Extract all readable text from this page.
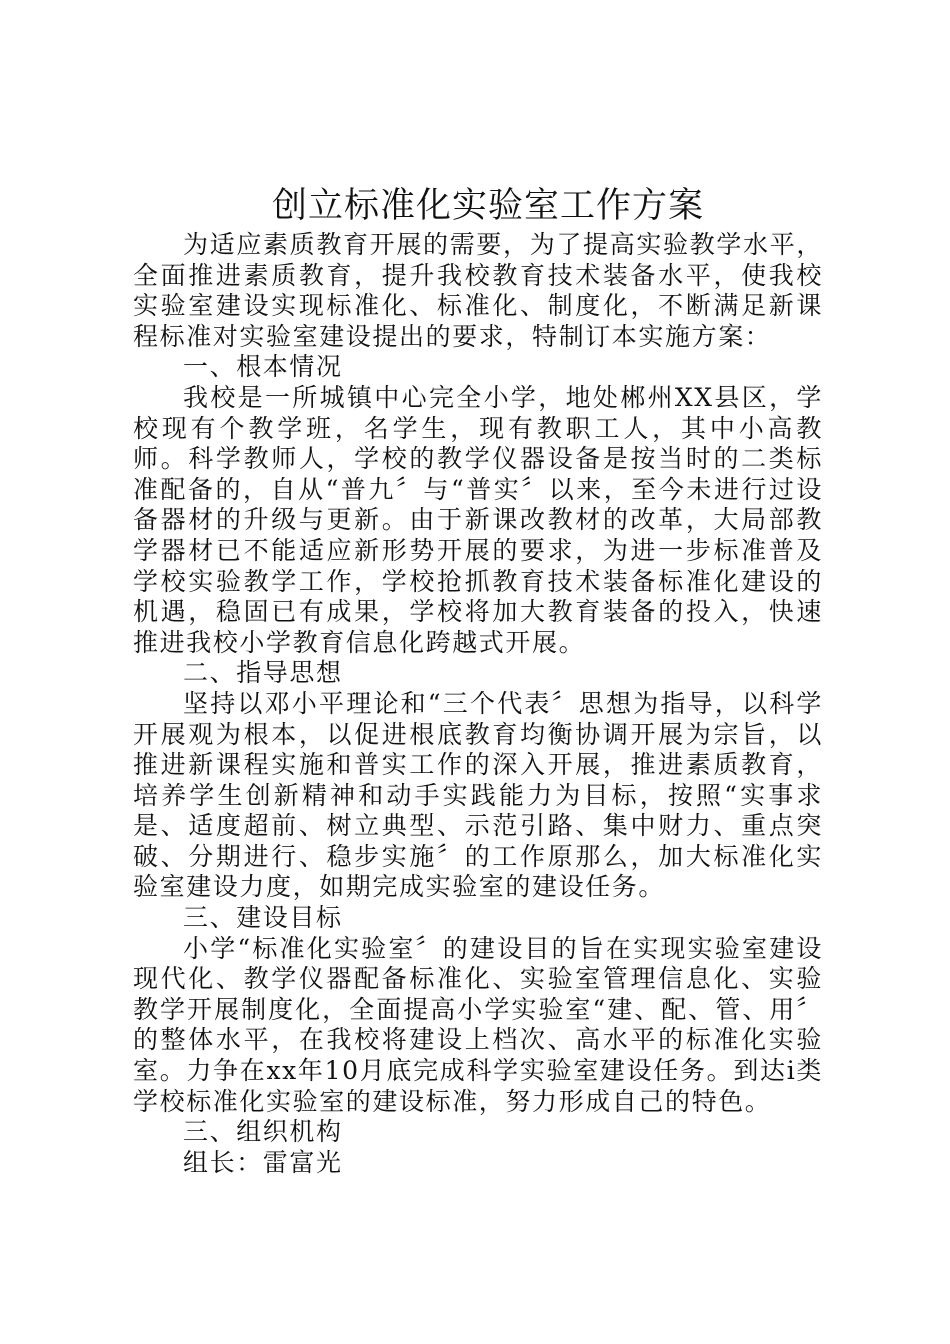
创立标准化实验室工作方案

为适应素质教育开展的需要，为了提高实验教学水平，全面推进素质教育，提升我校教育技术装备水平，使我校实验室建设实现标准化、标准化、制度化，不断满足新课程标准对实验室建设提出的要求，特制订本实施方案：

一、根本情况

我校是一所城镇中心完全小学，地处郴州XX县区，学校现有个教学班，名学生，现有教职工人，其中小高教师。科学教师人，学校的教学仪器设备是按当时的二类标准配备的，自从“普九〞与“普实〞以来，至今未进行过设备器材的升级与更新。由于新课改教材的改革，大局部教学器材已不能适应新形势开展的要求，为进一步标准普及学校实验教学工作，学校抢抓教育技术装备标准化建设的机遇，稳固已有成果，学校将加大教育装备的投入，快速推进我校小学教育信息化跨越式开展。

二、指导思想

坚持以邓小平理论和“三个代表〞思想为指导，以科学开展观为根本，以促进根底教育均衡协调开展为宗旨，以推进新课程实施和普实工作的深入开展，推进素质教育，培养学生创新精神和动手实践能力为目标，按照“实事求是、适度超前、树立典型、示范引路、集中财力、重点突破、分期进行、稳步实施〞的工作原那么，加大标准化实验室建设力度，如期完成实验室的建设任务。

三、建设目标

小学“标准化实验室〞的建设目的旨在实现实验室建设现代化、教学仪器配备标准化、实验室管理信息化、实验教学开展制度化，全面提高小学实验室“建、配、管、用〞的整体水平，在我校将建设上档次、高水平的标准化实验室。力争在xx年10月底完成科学实验室建设任务。到达ⅰ类学校标准化实验室的建设标准，努力形成自己的特色。

三、组织机构

组长：雷富光
